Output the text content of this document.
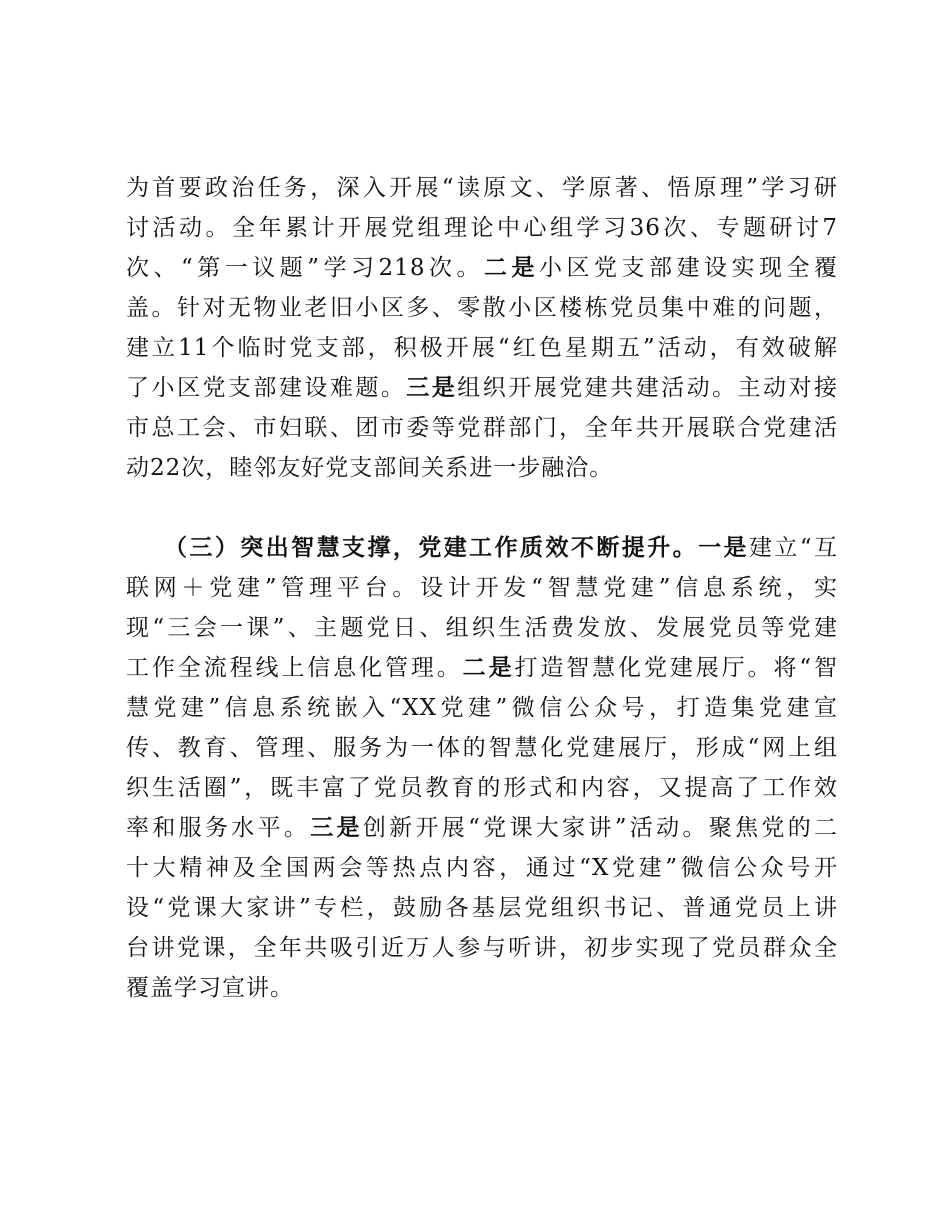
为首要政治任务，深入开展“读原文、学原著、悟原理”学习研
讨活动。全年累计开展党组理论中心组学习36次、专题研讨7
次、“第一议题”学习218次。二是小区党支部建设实现全覆
盖。针对无物业老旧小区多、零散小区楼栋党员集中难的问题，
建立11个临时党支部，积极开展“红色星期五”活动，有效破解
了小区党支部建设难题。三是组织开展党建共建活动。主动对接
市总工会、市妇联、团市委等党群部门，全年共开展联合党建活
动22次，睦邻友好党支部间关系进一步融洽。
（三）突出智慧支撑，党建工作质效不断提升。一是建立“互
联网＋党建”管理平台。设计开发“智慧党建”信息系统，实
现“三会一课”、主题党日、组织生活费发放、发展党员等党建
工作全流程线上信息化管理。二是打造智慧化党建展厅。将“智
慧党建”信息系统嵌入“XX党建”微信公众号，打造集党建宣
传、教育、管理、服务为一体的智慧化党建展厅，形成“网上组
织生活圈”，既丰富了党员教育的形式和内容，又提高了工作效
率和服务水平。三是创新开展“党课大家讲”活动。聚焦党的二
十大精神及全国两会等热点内容，通过“X党建”微信公众号开
设“党课大家讲”专栏，鼓励各基层党组织书记、普通党员上讲
台讲党课，全年共吸引近万人参与听讲，初步实现了党员群众全
覆盖学习宣讲。
